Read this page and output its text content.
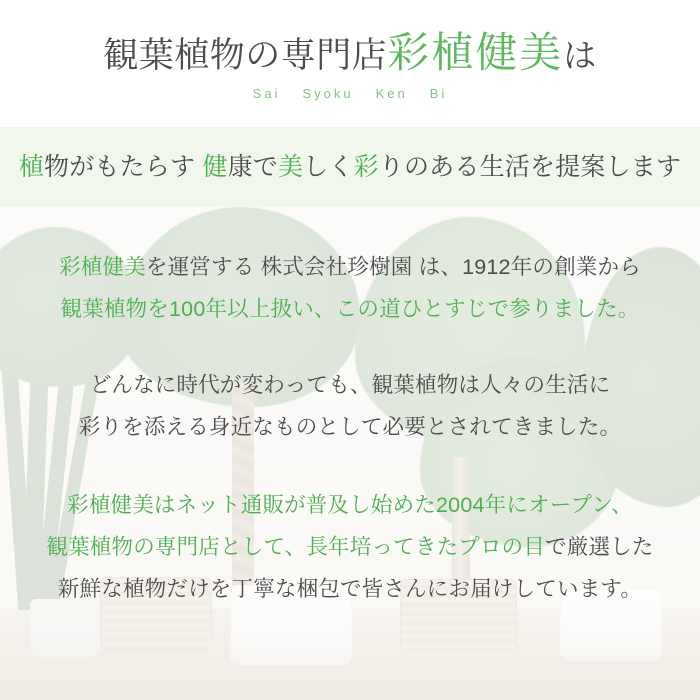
観葉植物の専門店彩植健美は
Sai Syoku Ken Bi
植物がもたらす 健康で美しく彩りのある生活を提案します
彩植健美を運営する 株式会社珍樹園 は、1912年の創業から
観葉植物を100年以上扱い、この道ひとすじで参りました。
どんなに時代が変わっても、観葉植物は人々の生活に
彩りを添える身近なものとして必要とされてきました。
彩植健美はネット通販が普及し始めた2004年にオープン、
観葉植物の専門店として、長年培ってきたプロの目で厳選した
新鮮な植物だけを丁寧な梱包で皆さんにお届けしています。
